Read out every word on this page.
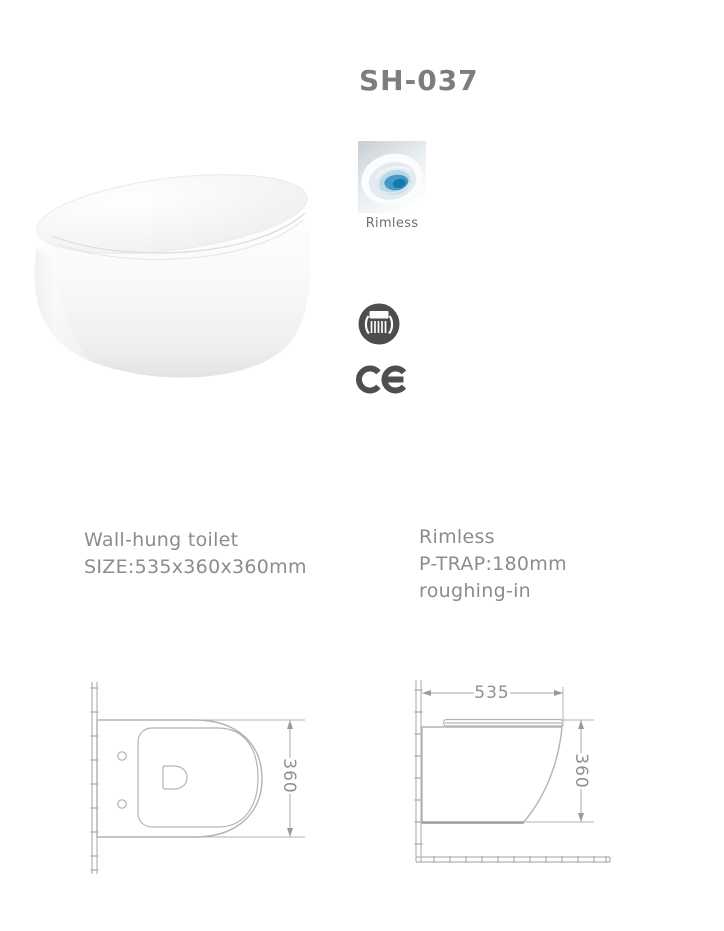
SH-037
Rimless
Wall-hung toilet
SIZE:535x360x360mm
Rimless
P-TRAP:180mm
roughing-in
360
535
360
